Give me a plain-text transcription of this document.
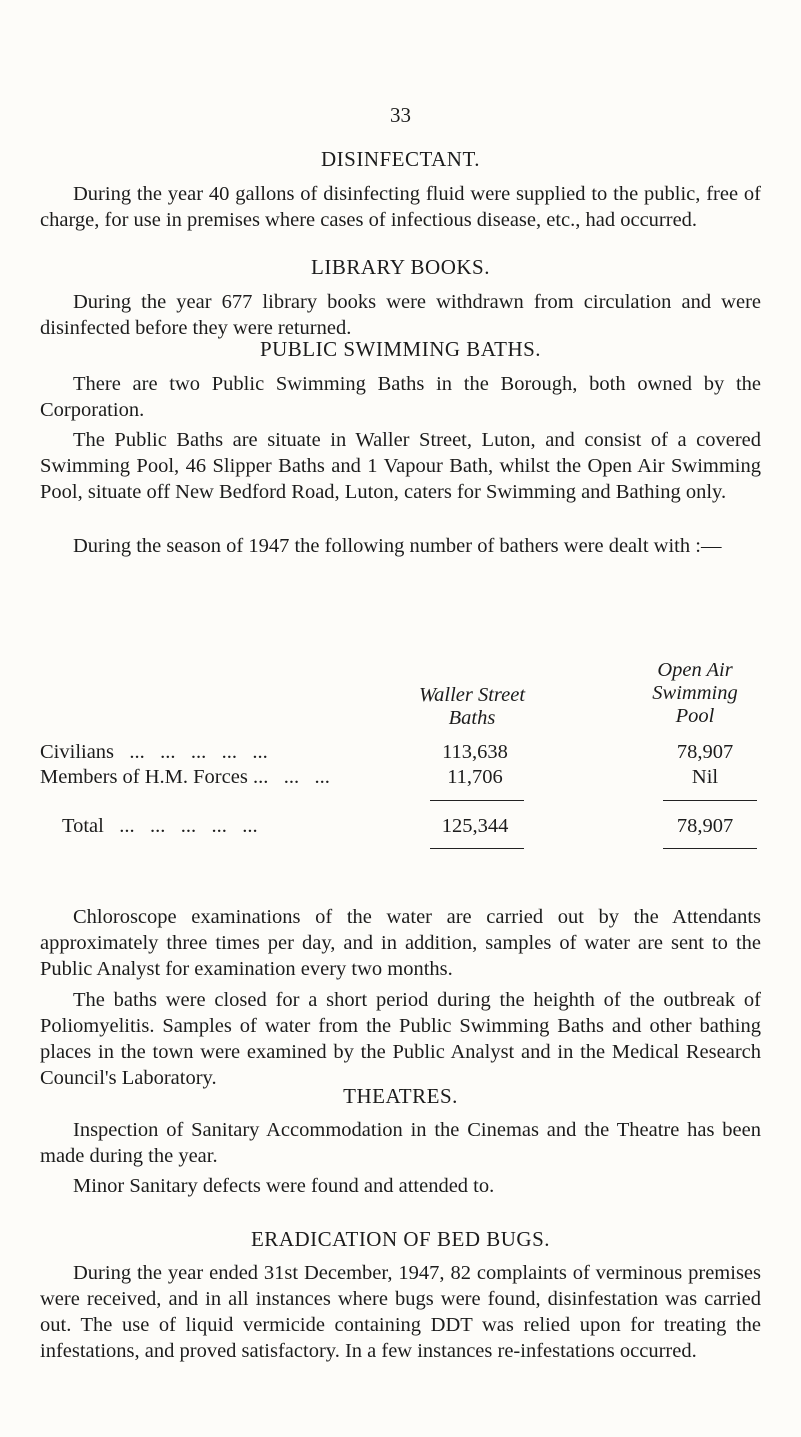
33
DISINFECTANT.

During the year 40 gallons of disinfecting fluid were supplied to the public, free of charge, for use in premises where cases of infectious disease, etc., had occurred.

LIBRARY BOOKS.

During the year 677 library books were withdrawn from circulation and were disinfected before they were returned.

PUBLIC SWIMMING BATHS.

There are two Public Swimming Baths in the Borough, both owned by the Corporation.

The Public Baths are situate in Waller Street, Luton, and consist of a covered Swimming Pool, 46 Slipper Baths and 1 Vapour Bath, whilst the Open Air Swimming Pool, situate off New Bedford Road, Luton, caters for Swimming and Bathing only.

During the season of 1947 the following number of bathers were dealt with :—

Waller Street
Baths
Open Air
Swimming
Pool
Civilians   ...   ...   ...   ...   ...	113,638	78,907
Members of H.M. Forces ...   ...   ...	11,706	Nil
Total   ...   ...   ...   ...   ...	125,344	78,907

Chloroscope examinations of the water are carried out by the Attendants approximately three times per day, and in addition, samples of water are sent to the Public Analyst for examination every two months.

The baths were closed for a short period during the heighth of the outbreak of Poliomyelitis. Samples of water from the Public Swimming Baths and other bathing places in the town were examined by the Public Analyst and in the Medical Research Council's Laboratory.

THEATRES.

Inspection of Sanitary Accommodation in the Cinemas and the Theatre has been made during the year.

Minor Sanitary defects were found and attended to.

ERADICATION OF BED BUGS.

During the year ended 31st December, 1947, 82 complaints of verminous premises were received, and in all instances where bugs were found, disinfestation was carried out. The use of liquid vermicide containing DDT was relied upon for treating the infestations, and proved satisfactory. In a few instances re-infestations occurred.
